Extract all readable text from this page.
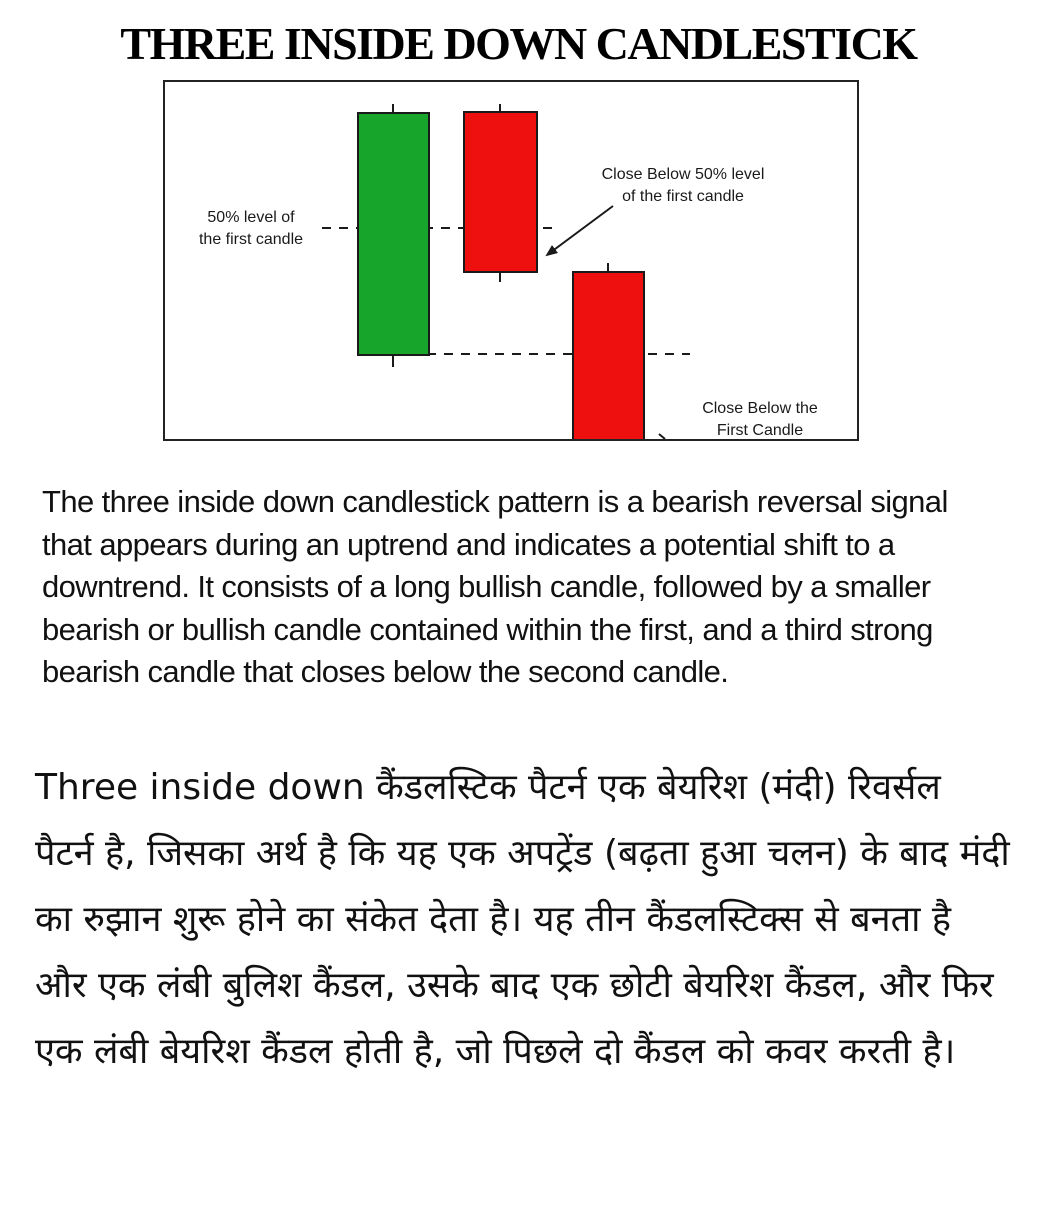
THREE INSIDE DOWN CANDLESTICK
50% level of
the first candle
Close Below 50% level
of the first candle
Close Below the
First Candle

The three inside down candlestick pattern is a bearish reversal signal that appears during an uptrend and indicates a potential shift to a downtrend. It consists of a long bullish candle, followed by a smaller bearish or bullish candle contained within the first, and a third strong bearish candle that closes below the second candle.

Three inside down कैंडलस्टिक पैटर्न एक बेयरिश (मंदी) रिवर्सल पैटर्न है, जिसका अर्थ है कि यह एक अपट्रेंड (बढ़ता हुआ चलन) के बाद मंदी का रुझान शुरू होने का संकेत देता है। यह तीन कैंडलस्टिक्स से बनता है और एक लंबी बुलिश कैंडल, उसके बाद एक छोटी बेयरिश कैंडल, और फिर एक लंबी बेयरिश कैंडल होती है, जो पिछले दो कैंडल को कवर करती है।
